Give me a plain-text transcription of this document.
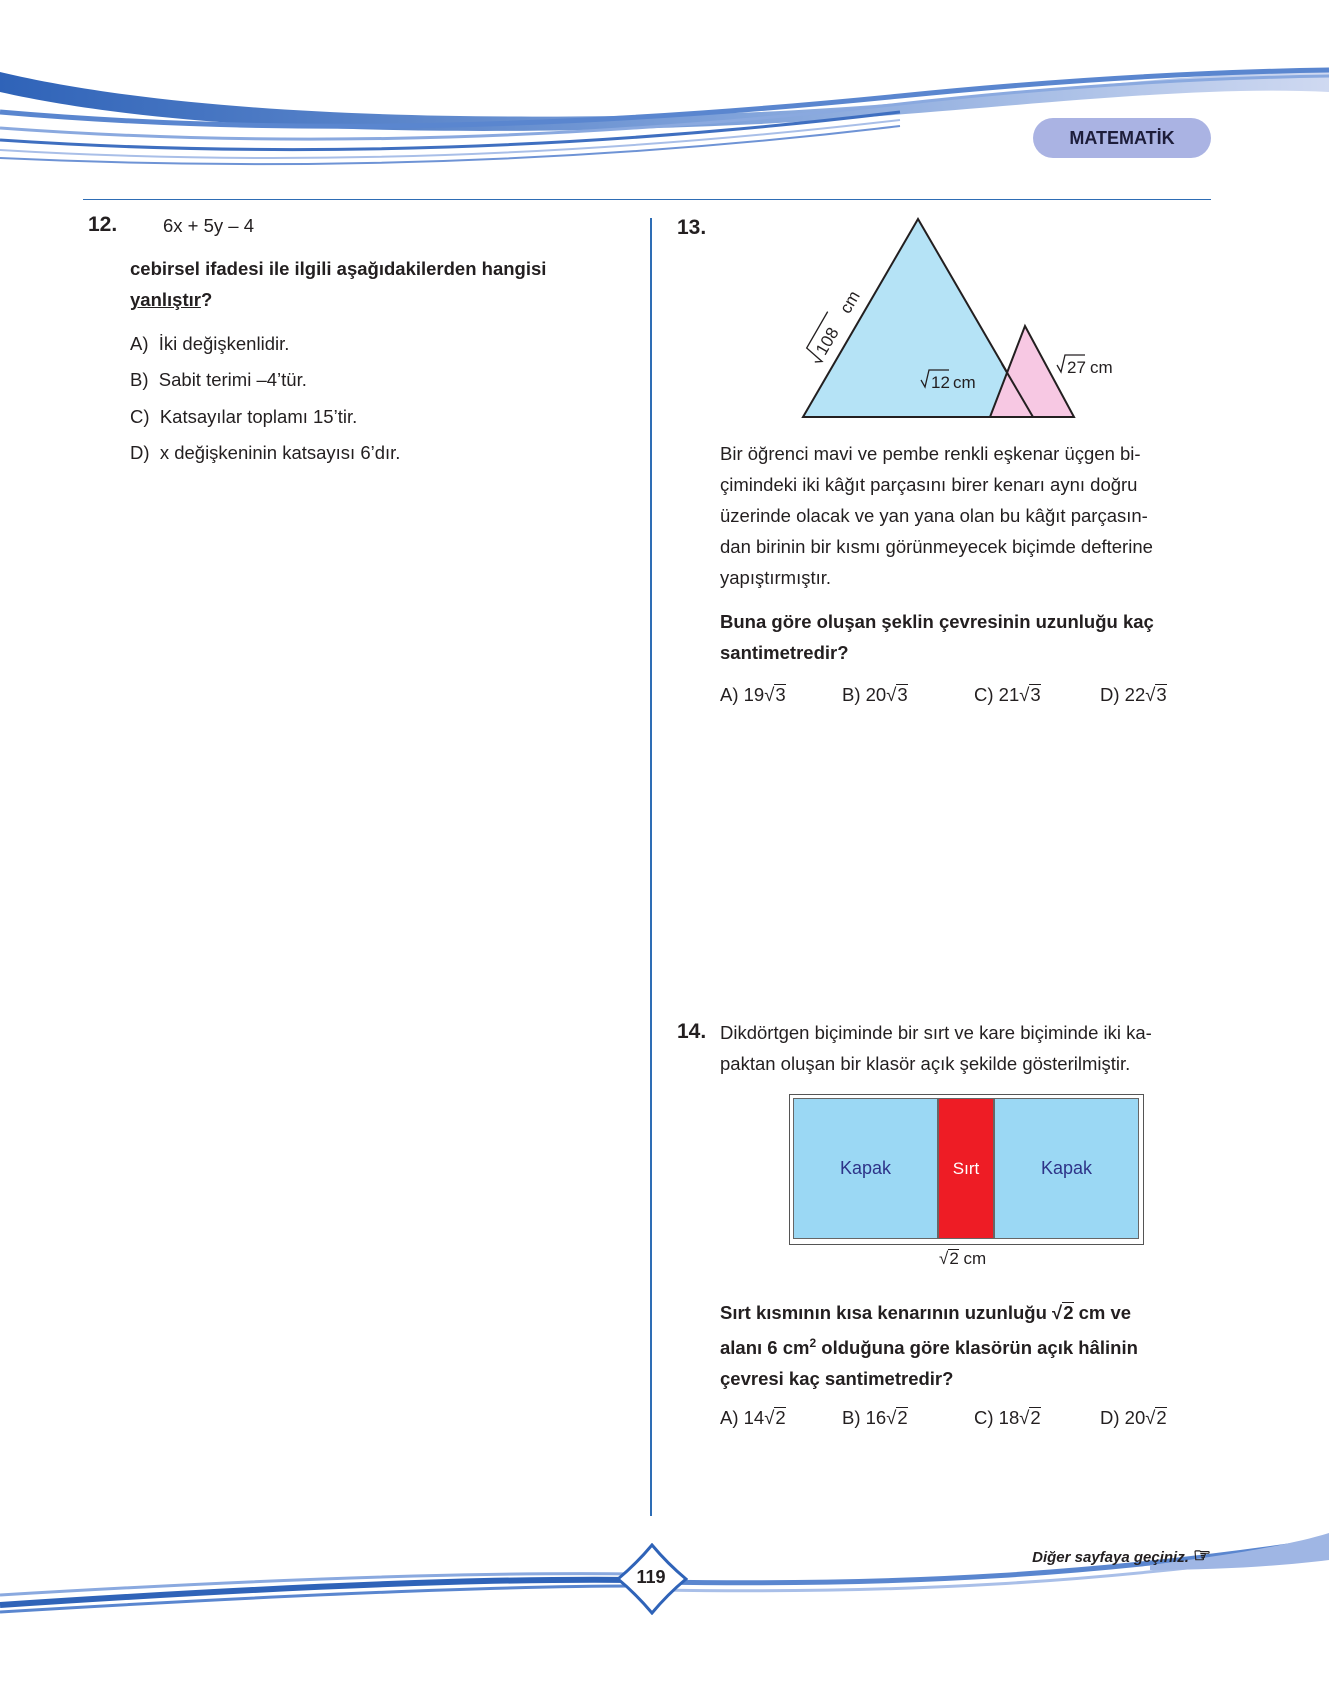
MATEMATİK
12. 6x + 5y – 4
cebirsel ifadesi ile ilgili aşağıdakilerden hangisi
yanlıştır?
A) İki değişkenlidir.
B) Sabit terimi –4’tür.
C) Katsayılar toplamı 15’tir.
D) x değişkeninin katsayısı 6’dır.
13.
108
cm
12 cm
27 cm
Bir öğrenci mavi ve pembe renkli eşkenar üçgen bi-
çimindeki iki kâğıt parçasını birer kenarı aynı doğru
üzerinde olacak ve yan yana olan bu kâğıt parçasın-
dan birinin bir kısmı görünmeyecek biçimde defterine
yapıştırmıştır.
Buna göre oluşan şeklin çevresinin uzunluğu kaç
santimetredir?
A) 19√3	B) 20√3	C) 21√3	D) 22√3
14. Dikdörtgen biçiminde bir sırt ve kare biçiminde iki ka-
paktan oluşan bir klasör açık şekilde gösterilmiştir.
Kapak	Sırt	Kapak
√2 cm
Sırt kısmının kısa kenarının uzunluğu √2 cm ve
alanı 6 $cm^2$ olduğuna göre klasörün açık hâlinin
çevresi kaç santimetredir?
A) 14√2	B) 16√2	C) 18√2	D) 20√2
119
Diğer sayfaya geçiniz. ☞
